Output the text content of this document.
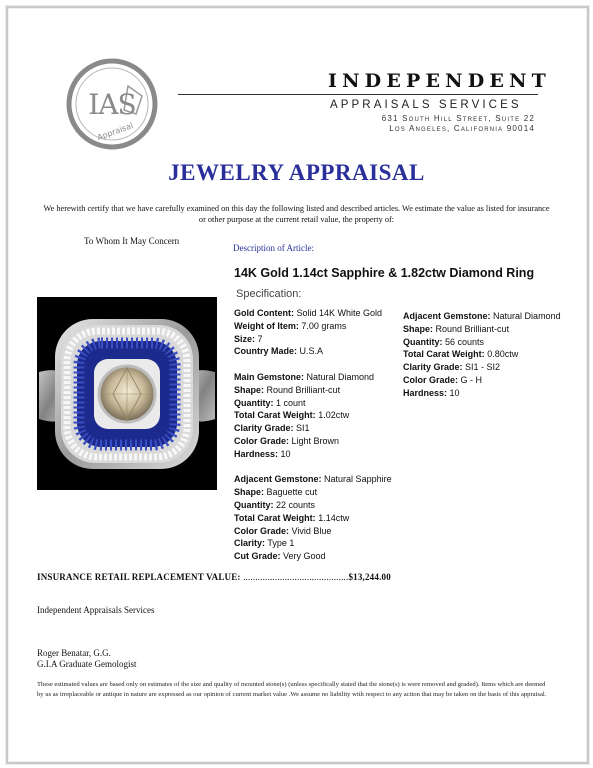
IAS
Appraisal
INDEPENDENT
APPRAISALS SERVICES
631 South Hill Street, Suite 22
Los Angeles, California 90014
JEWELRY APPRAISAL
We herewith certify that we have carefully examined on this day the following listed and described articles. We estimate the value as listed for insurance or other purpose at the current retail value, the property of:
To Whom It May Concern
Description of Article:
14K Gold 1.14ct Sapphire & 1.82ctw Diamond Ring
Specification:
Gold Content: Solid 14K White Gold
Weight of Item: 7.00 grams
Size: 7
Country Made: U.S.A
Main Gemstone: Natural Diamond
Shape: Round Brilliant-cut
Quantity: 1 count
Total Carat Weight: 1.02ctw
Clarity Grade: SI1
Color Grade: Light Brown
Hardness: 10
Adjacent Gemstone: Natural Sapphire
Shape: Baguette cut
Quantity: 22 counts
Total Carat Weight: 1.14ctw
Color Grade: Vivid Blue
Clarity: Type 1
Cut Grade: Very Good
Adjacent Gemstone: Natural Diamond
Shape: Round Brilliant-cut
Quantity: 56 counts
Total Carat Weight: 0.80ctw
Clarity Grade: SI1 - SI2
Color Grade: G - H
Hardness: 10
INSURANCE RETAIL REPLACEMENT VALUE: ...........................................$13,244.00
Independent Appraisals Services
Roger Benatar, G.G.
G.I.A Graduate Gemologist
These estimated values are based only on estimates of the size and quality of mounted stone(s) (unless specifically stated that the stone(s) is were removed and graded). Items which are deemed by us as irreplaceable or antique in nature are expressed as our opinion of current market value .We assume no liability with respect to any action that may be taken on the basis of this appraisal.
